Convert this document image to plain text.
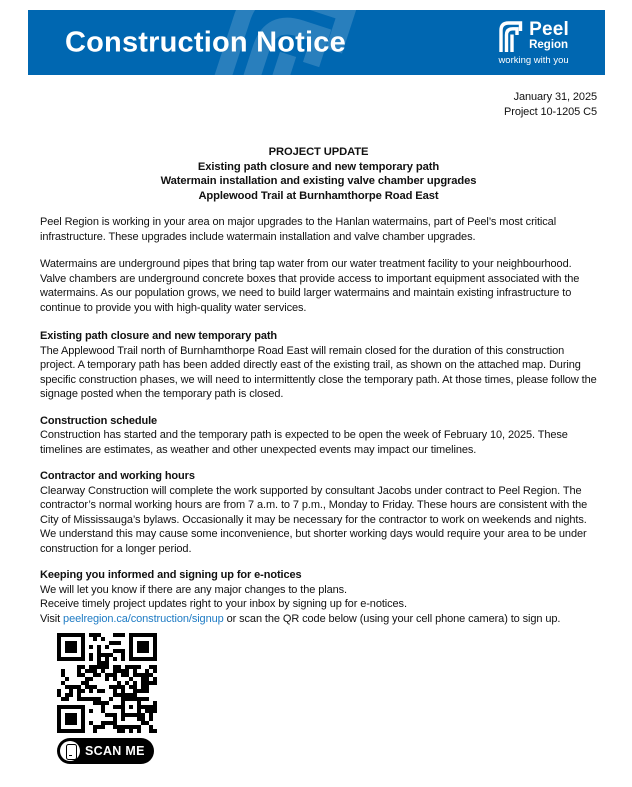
Construction Notice	Peel
Region
working with you
January 31, 2025
Project 10-1205 C5
PROJECT UPDATE
Existing path closure and new temporary path
Watermain installation and existing valve chamber upgrades
Applewood Trail at Burnhamthorpe Road East

Peel Region is working in your area on major upgrades to the Hanlan watermains, part of Peel’s most critical infrastructure. These upgrades include watermain installation and valve chamber upgrades.

Watermains are underground pipes that bring tap water from our water treatment facility to your neighbourhood. Valve chambers are underground concrete boxes that provide access to important equipment associated with the watermains. As our population grows, we need to build larger watermains and maintain existing infrastructure to continue to provide you with high-quality water services.

Existing path closure and new temporary path

The Applewood Trail north of Burnhamthorpe Road East will remain closed for the duration of this construction project. A temporary path has been added directly east of the existing trail, as shown on the attached map. During specific construction phases, we will need to intermittently close the temporary path. At those times, please follow the signage posted when the temporary path is closed.

Construction schedule

Construction has started and the temporary path is expected to be open the week of February 10, 2025. These timelines are estimates, as weather and other unexpected events may impact our timelines.

Contractor and working hours

Clearway Construction will complete the work supported by consultant Jacobs under contract to Peel Region. The contractor’s normal working hours are from 7 a.m. to 7 p.m., Monday to Friday. These hours are consistent with the City of Mississauga’s bylaws. Occasionally it may be necessary for the contractor to work on weekends and nights. We understand this may cause some inconvenience, but shorter working days would require your area to be under construction for a longer period.

Keeping you informed and signing up for e-notices
We will let you know if there are any major changes to the plans.
Receive timely project updates right to your inbox by signing up for e-notices.
Visit peelregion.ca/construction/signup or scan the QR code below (using your cell phone camera) to sign up.
SCAN ME
